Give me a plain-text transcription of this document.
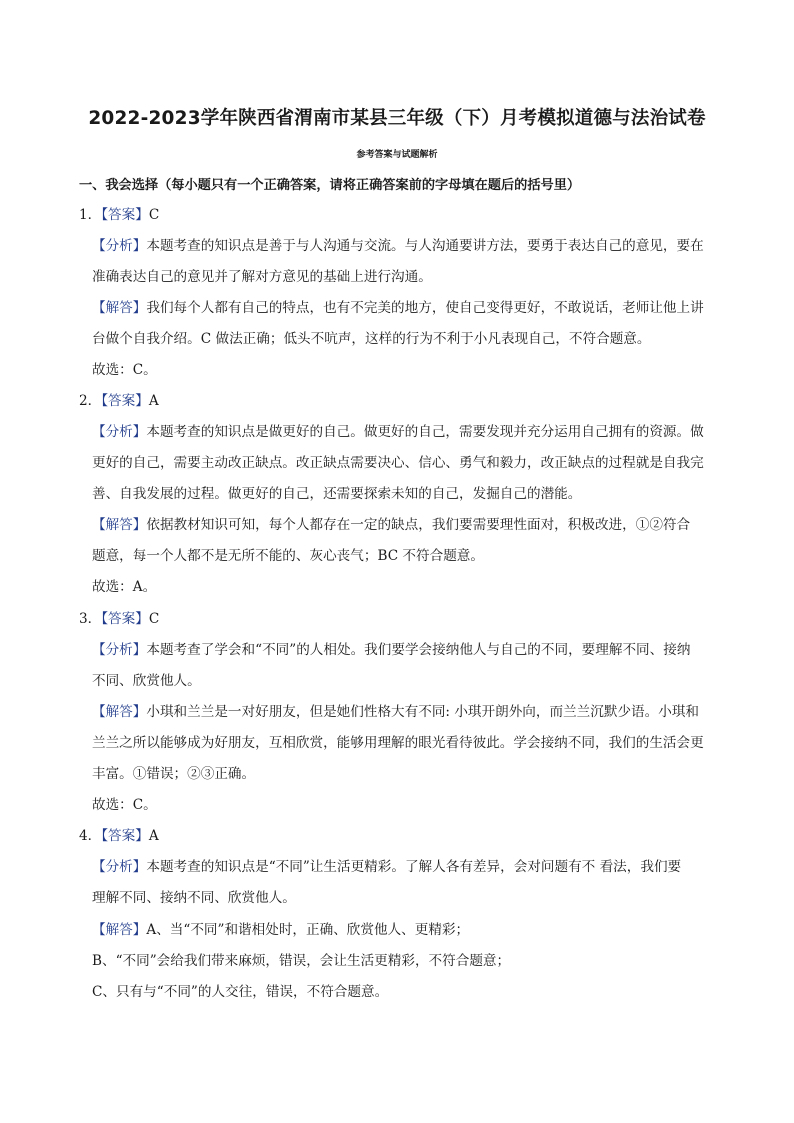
2022-2023学年陕西省渭南市某县三年级（下）月考模拟道德与法治试卷
参考答案与试题解析
一、我会选择（每小题只有一个正确答案，请将正确答案前的字母填在题后的括号里）
1．【答案】C
【分析】本题考查的知识点是善于与人沟通与交流。与人沟通要讲方法，要勇于表达自己的意见，要在
准确表达自己的意见并了解对方意见的基础上进行沟通。
【解答】我们每个人都有自己的特点，也有不完美的地方，使自己变得更好，不敢说话，老师让他上讲
台做个自我介绍。C 做法正确；低头不吭声，这样的行为不利于小凡表现自己，不符合题意。
故选：C。
2．【答案】A
【分析】本题考查的知识点是做更好的自己。做更好的自己，需要发现并充分运用自己拥有的资源。做
更好的自己，需要主动改正缺点。改正缺点需要决心、信心、勇气和毅力，改正缺点的过程就是自我完
善、自我发展的过程。做更好的自己，还需要探索未知的自己，发掘自己的潜能。
【解答】依据教材知识可知，每个人都存在一定的缺点，我们要需要理性面对，积极改进，①②符合
题意，每一个人都不是无所不能的、灰心丧气；BC 不符合题意。
故选：A。
3．【答案】C
【分析】本题考查了学会和“不同”的人相处。我们要学会接纳他人与自己的不同，要理解不同、接纳
不同、欣赏他人。
【解答】小琪和兰兰是一对好朋友，但是她们性格大有不同: 小琪开朗外向，而兰兰沉默少语。小琪和
兰兰之所以能够成为好朋友，互相欣赏，能够用理解的眼光看待彼此。学会接纳不同，我们的生活会更
丰富。①错误；②③正确。
故选：C。
4．【答案】A
【分析】本题考查的知识点是“不同”让生活更精彩。了解人各有差异，会对问题有不 看法，我们要
理解不同、接纳不同、欣赏他人。
【解答】A、当“不同”和谐相处时，正确、欣赏他人、更精彩；
B、“不同”会给我们带来麻烦，错误，会让生活更精彩，不符合题意；
C、只有与“不同”的人交往，错误，不符合题意。
